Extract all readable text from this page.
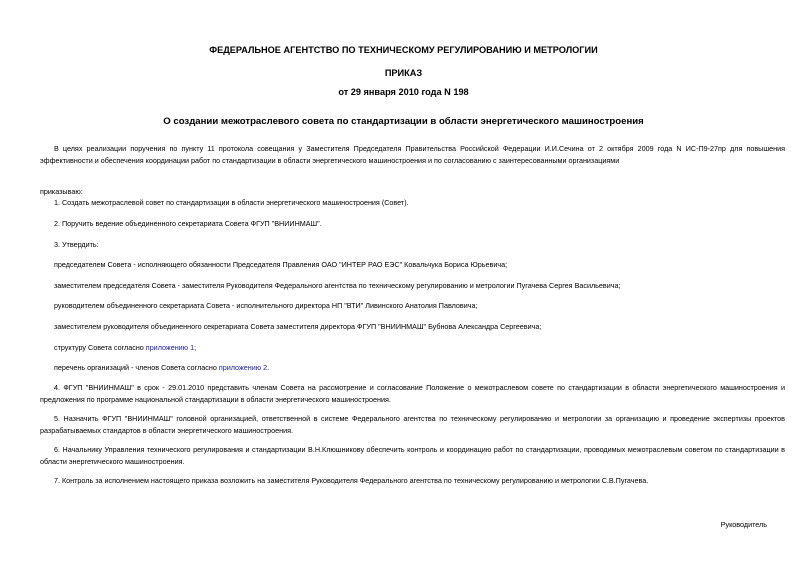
ФЕДЕРАЛЬНОЕ АГЕНТСТВО ПО ТЕХНИЧЕСКОМУ РЕГУЛИРОВАНИЮ И МЕТРОЛОГИИ
ПРИКАЗ
от 29 января 2010 года N 198
О создании межотраслевого совета по стандартизации в области энергетического машиностроения
В целях реализации поручения по пункту 11 протокола совещания у Заместителя Председателя Правительства Российской Федерации И.И.Сечина от 2 октября 2009 года N ИС-П9-27пр для повышения эффективности и обеспечения координации работ по стандартизации в области энергетического машиностроения и по согласованию с заинтересованными организациями
приказываю:
1. Создать межотраслевой совет по стандартизации в области энергетического машиностроения (Совет).
2. Поручить ведение объединенного секретариата Совета ФГУП "ВНИИНМАШ".
3. Утвердить:
председателем Совета - исполняющего обязанности Председателя Правления ОАО "ИНТЕР РАО ЕЭС" Ковальчука Бориса Юрьевича;
заместителем председателя Совета - заместителя Руководителя Федерального агентства по техническому регулированию и метрологии Пугачева Сергея Васильевича;
руководителем объединенного секретариата Совета - исполнительного директора НП "ВТИ" Ливинского Анатолия Павловича;
заместителем руководителя объединенного секретариата Совета заместителя директора ФГУП "ВНИИНМАШ" Бубнова Александра Сергеевича;
структуру Совета согласно приложению 1;
перечень организаций - членов Совета согласно приложению 2.
4. ФГУП "ВНИИНМАШ" в срок - 29.01.2010 представить членам Совета на рассмотрение и согласование Положение о межотраслевом совете по стандартизации в области энергетического машиностроения и предложения по программе национальной стандартизации в области энергетического машиностроения.
5. Назначить ФГУП "ВНИИНМАШ" головной организацией, ответственной в системе Федерального агентства по техническому регулированию и метрологии за организацию и проведение экспертизы проектов разрабатываемых стандартов в области энергетического машиностроения.
6. Начальнику Управления технического регулирования и стандартизации В.Н.Клюшникову обеспечить контроль и координацию работ по стандартизации, проводимых межотраслевым советом по стандартизации в области энергетического машиностроения.
7. Контроль за исполнением настоящего приказа возложить на заместителя Руководителя Федерального агентства по техническому регулированию и метрологии С.В.Пугачева.
Руководитель
